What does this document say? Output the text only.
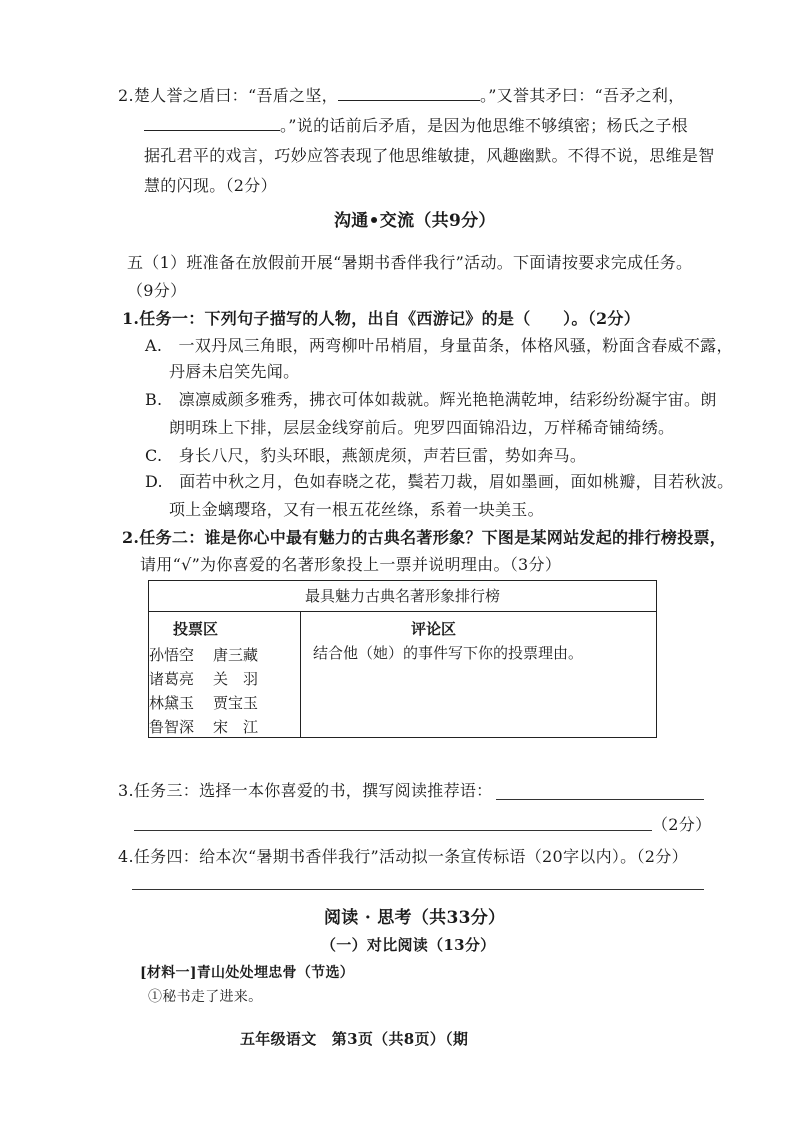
2.楚人誉之盾曰：“吾盾之坚，	。”又誉其矛曰：“吾矛之利，
。”说的话前后矛盾，是因为他思维不够缜密；杨氏之子根
据孔君平的戏言，巧妙应答表现了他思维敏捷，风趣幽默。不得不说，思维是智
慧的闪现。（2分）
沟通•交流（共9分）
五（1）班准备在放假前开展“暑期书香伴我行”活动。下面请按要求完成任务。
（9分）
1.任务一：下列句子描写的人物，出自《西游记》的是（　　）。（2分）
A.　一双丹凤三角眼，两弯柳叶吊梢眉，身量苗条，体格风骚，粉面含春威不露，
丹唇未启笑先闻。
B.　凛凛威颜多雅秀，拂衣可体如裁就。辉光艳艳满乾坤，结彩纷纷凝宇宙。朗
朗明珠上下排，层层金线穿前后。兜罗四面锦沿边，万样稀奇铺绮绣。
C.　身长八尺，豹头环眼，燕颔虎须，声若巨雷，势如奔马。
D.　面若中秋之月，色如春晓之花，鬓若刀裁，眉如墨画，面如桃瓣，目若秋波。
项上金螭璎珞，又有一根五花丝绦，系着一块美玉。
2.任务二：谁是你心中最有魅力的古典名著形象？下图是某网站发起的排行榜投票，
请用“√”为你喜爱的名著形象投上一票并说明理由。（3分）
最具魅力古典名著形象排行榜
投票区
孙悟空 唐三藏
诸葛亮 关　羽
林黛玉 贾宝玉
鲁智深 宋　江
评论区
结合他（她）的事件写下你的投票理由。
3.任务三：选择一本你喜爱的书，撰写阅读推荐语：
（2分）
4.任务四：给本次“暑期书香伴我行”活动拟一条宣传标语（20字以内）。（2分）
阅读 · 思考（共33分）
（一）对比阅读（13分）
[材料一]青山处处埋忠骨（节选）
①秘书走了进来。
五年级语文　第3页（共8页）（期
